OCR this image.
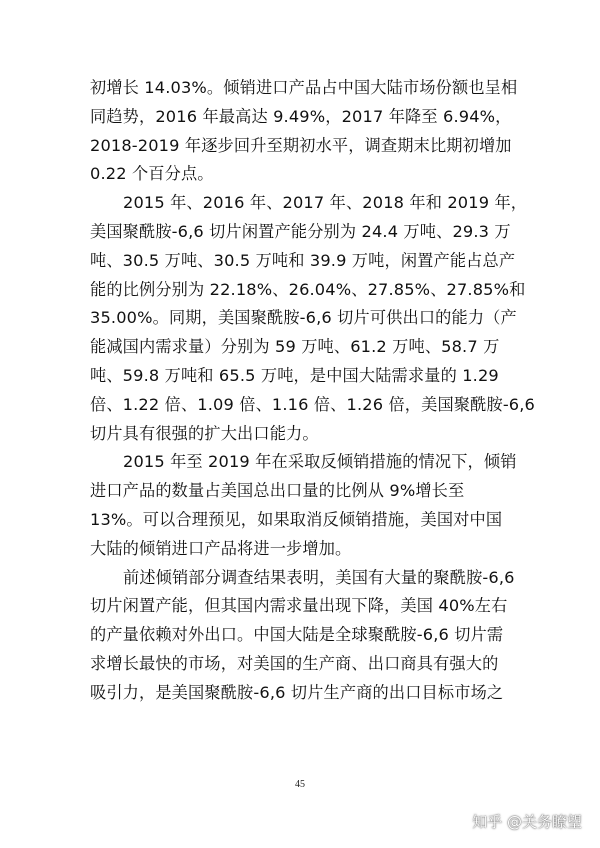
初增长 14.03%。倾销进口产品占中国大陆市场份额也呈相
同趋势，2016 年最高达 9.49%，2017 年降至 6.94%，
2018-2019 年逐步回升至期初水平，调查期末比期初增加
0.22 个百分点。
2015 年、2016 年、2017 年、2018 年和 2019 年，
美国聚酰胺-6,6 切片闲置产能分别为 24.4 万吨、29.3 万
吨、30.5 万吨、30.5 万吨和 39.9 万吨，闲置产能占总产
能的比例分别为 22.18%、26.04%、27.85%、27.85%和
35.00%。同期，美国聚酰胺-6,6 切片可供出口的能力（产
能减国内需求量）分别为 59 万吨、61.2 万吨、58.7 万
吨、59.8 万吨和 65.5 万吨，是中国大陆需求量的 1.29
倍、1.22 倍、1.09 倍、1.16 倍、1.26 倍，美国聚酰胺-6,6
切片具有很强的扩大出口能力。
2015 年至 2019 年在采取反倾销措施的情况下，倾销
进口产品的数量占美国总出口量的比例从 9%增长至
13%。可以合理预见，如果取消反倾销措施，美国对中国
大陆的倾销进口产品将进一步增加。
前述倾销部分调查结果表明，美国有大量的聚酰胺-6,6
切片闲置产能，但其国内需求量出现下降，美国 40%左右
的产量依赖对外出口。中国大陆是全球聚酰胺-6,6 切片需
求增长最快的市场，对美国的生产商、出口商具有强大的
吸引力，是美国聚酰胺-6,6 切片生产商的出口目标市场之
45
知乎 @关务瞭望
